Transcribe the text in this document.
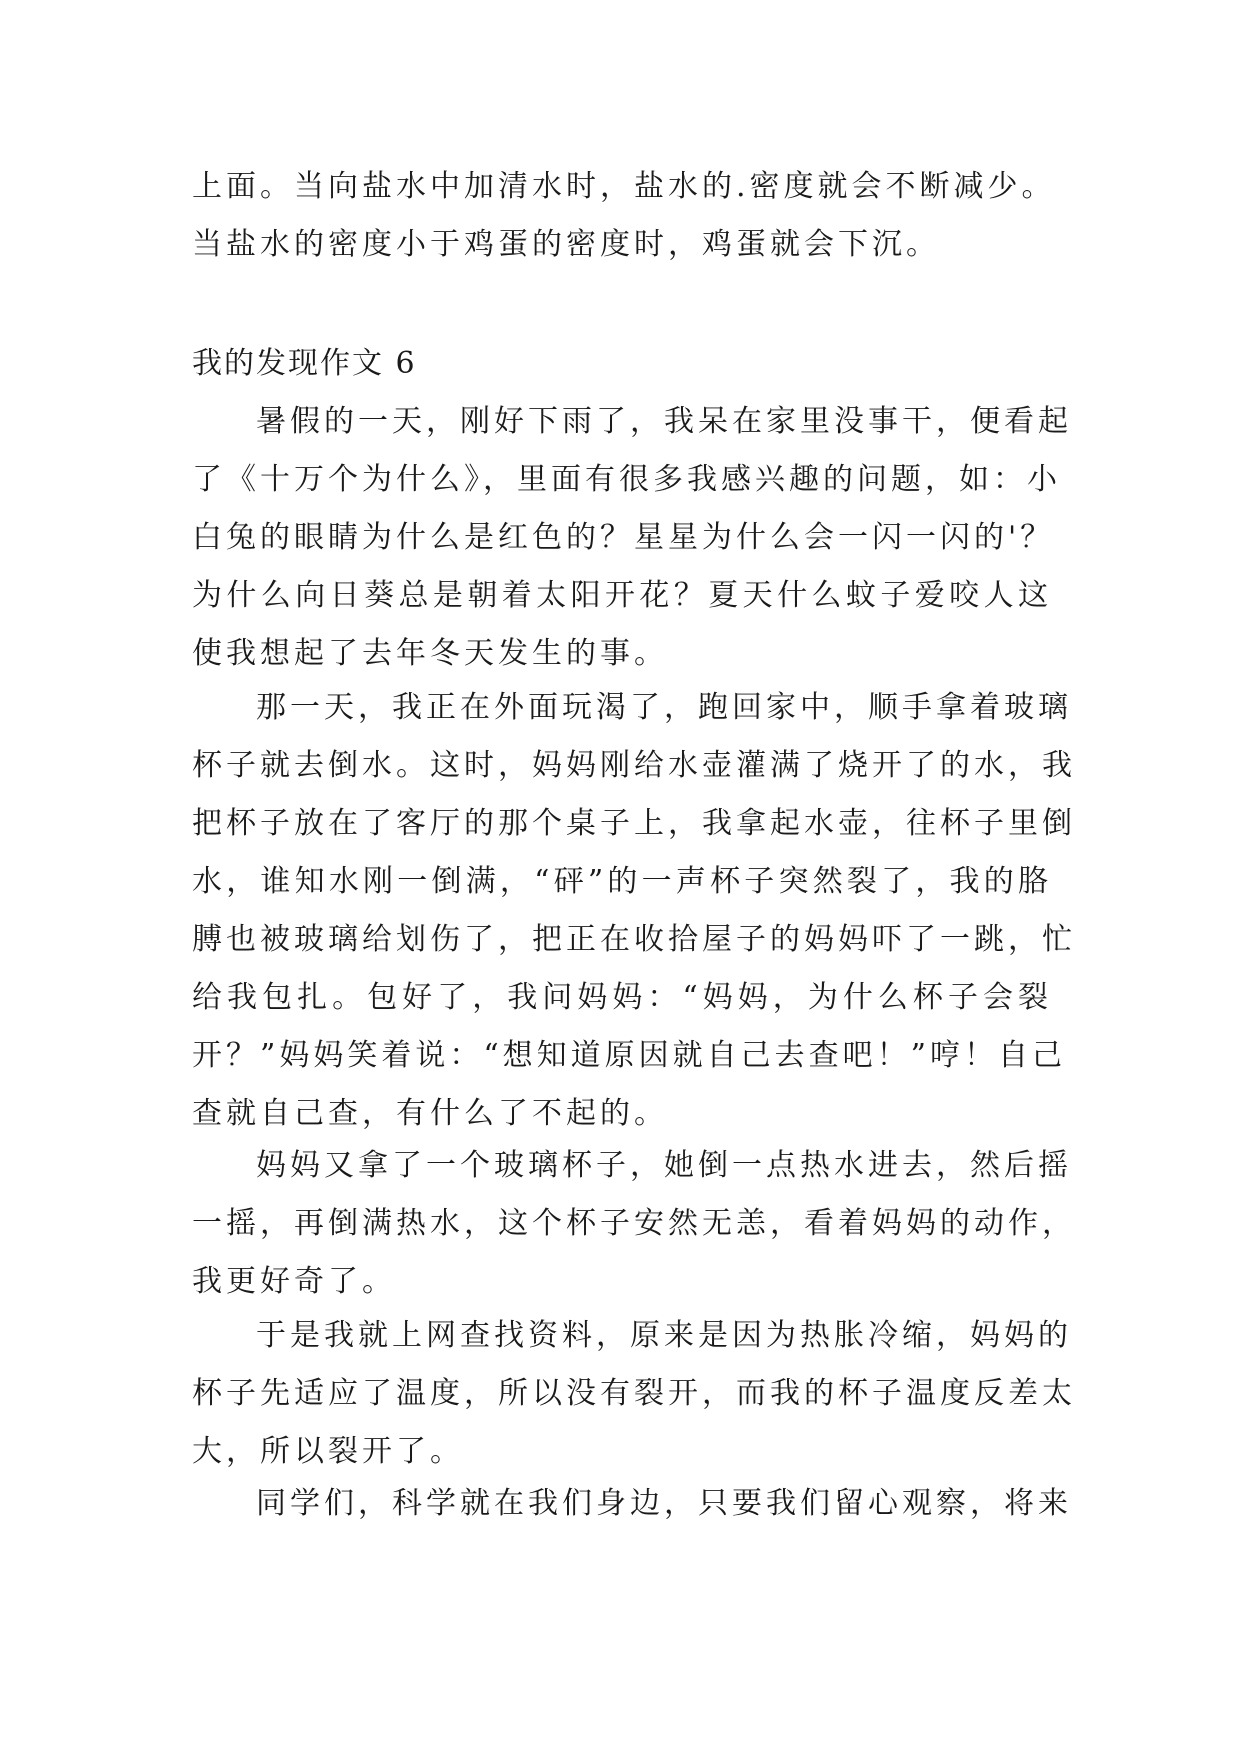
上面。当向盐水中加清水时，盐水的.密度就会不断减少。
当盐水的密度小于鸡蛋的密度时，鸡蛋就会下沉。
我的发现作文 6
暑假的一天，刚好下雨了，我呆在家里没事干，便看起
了《十万个为什么》，里面有很多我感兴趣的问题，如：小
白兔的眼睛为什么是红色的？星星为什么会一闪一闪的'？
为什么向日葵总是朝着太阳开花？夏天什么蚊子爱咬人这
使我想起了去年冬天发生的事。
那一天，我正在外面玩渴了，跑回家中，顺手拿着玻璃
杯子就去倒水。这时，妈妈刚给水壶灌满了烧开了的水，我
把杯子放在了客厅的那个桌子上，我拿起水壶，往杯子里倒
水，谁知水刚一倒满，“砰”的一声杯子突然裂了，我的胳
膊也被玻璃给划伤了，把正在收拾屋子的妈妈吓了一跳，忙
给我包扎。包好了，我问妈妈：“妈妈，为什么杯子会裂
开？”妈妈笑着说：“想知道原因就自己去查吧！”哼！自己
查就自己查，有什么了不起的。
妈妈又拿了一个玻璃杯子，她倒一点热水进去，然后摇
一摇，再倒满热水，这个杯子安然无恙，看着妈妈的动作，
我更好奇了。
于是我就上网查找资料，原来是因为热胀冷缩，妈妈的
杯子先适应了温度，所以没有裂开，而我的杯子温度反差太
大，所以裂开了。
同学们，科学就在我们身边，只要我们留心观察，将来
